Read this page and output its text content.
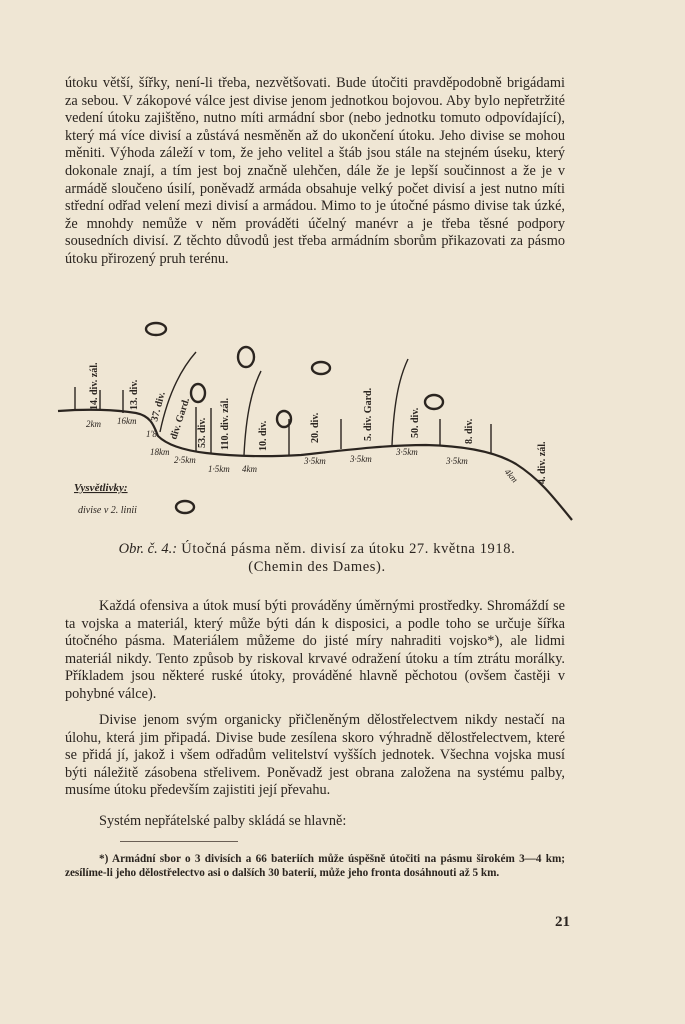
útoku větší, šířky, není-li třeba, nezvětšovati. Bude útočiti pravděpodobně brigádami za sebou. V zákopové válce jest divise jenom jednotkou bojovou. Aby bylo nepřetržité vedení útoku zajištěno, nutno míti armádní sbor (nebo jednotku tomuto odpovídající), který má více divisí a zůstává nesměněn až do ukončení útoku. Jeho divise se mohou měniti. Výhoda záleží v tom, že jeho velitel a štáb jsou stále na stejném úseku, který dokonale znají, a tím jest boj značně ulehčen, dále že je lepší součinnost a že je v armádě sloučeno úsilí, poněvadž armáda obsahuje velký počet divisí a jest nutno míti střední odřad velení mezi divisí a armádou. Mimo to je útočné pásmo divise tak úzké, že mnohdy nemůže v něm prováděti účelný manévr a je třeba těsné podpory sousedních divisí. Z těchto důvodů jest třeba armádním sborům přikazovati za pásmo útoku přirozený pruh terénu.

14. div. zál.	13. div. 37. div. div. Gard. 53. div. 110. div. zál.	10. div.	20. div.	5. div. Gard.	50. div.	8. div.
4. div. zál.
2km 16km
1'8
18km
2·5km
1·5km 4km
3·5km	3·5km
3·5km
3·5km
4km
Vysvětlivky:
divise v 2. linii
Obr. č. 4.: Útočná pásma něm. divisí za útoku 27. května 1918.
(Chemin des Dames).

Každá ofensiva a útok musí býti prováděny úměrnými prostředky. Shromáždí se ta vojska a materiál, který může býti dán k disposici, a podle toho se určuje šířka útočného pásma. Materiálem můžeme do jisté míry nahraditi vojsko*), ale lidmi materiál nikdy. Tento způsob by riskoval krvavé odražení útoku a tím ztrátu morálky. Příkladem jsou některé ruské útoky, prováděné hlavně pěchotou (ovšem častěji v pohybné válce).

Divise jenom svým organicky přičleněným dělostřelectvem nikdy nestačí na úlohu, která jim připadá. Divise bude zesílena skoro výhradně dělostřelectvem, které se přidá jí, jakož i všem odřadům velitelství vyšších jednotek. Všechna vojska musí býti náležitě zásobena střelivem. Poněvadž jest obrana založena na systému palby, musíme útoku především zajistiti její převahu.

Systém nepřátelské palby skládá se hlavně:

*) Armádní sbor o 3 divisích a 66 bateriích může úspěšně útočiti na pásmu širokém 3—4 km; zesílíme-li jeho dělostřelectvo asi o dalších 30 baterií, může jeho fronta dosáhnouti až 5 km.

21
